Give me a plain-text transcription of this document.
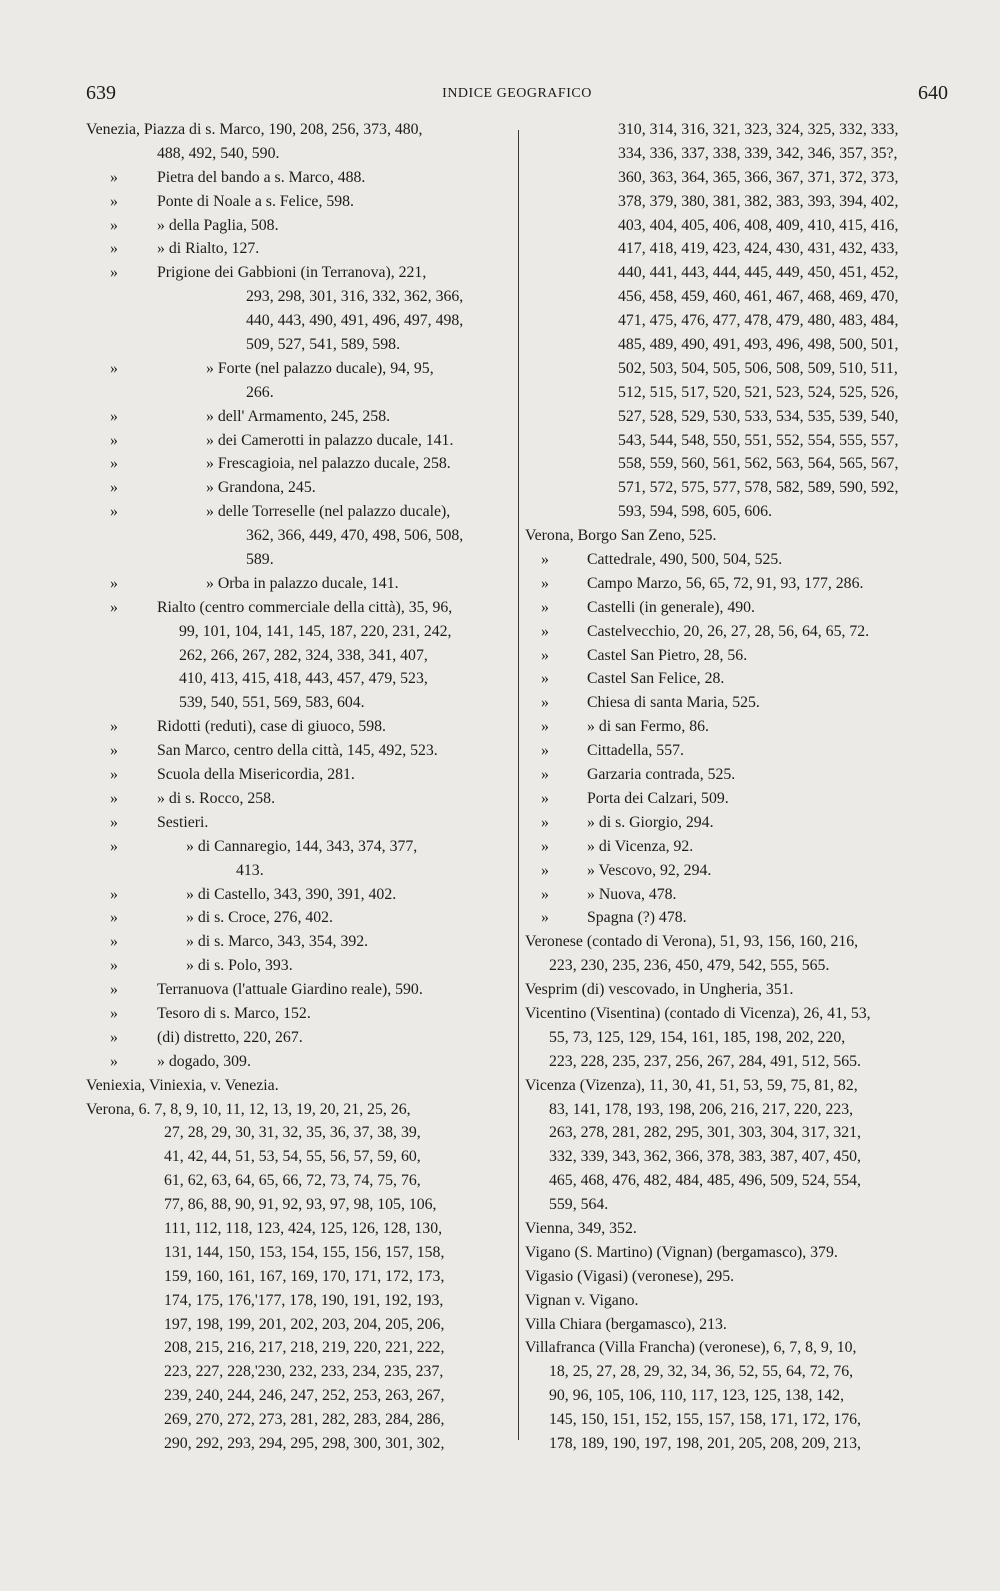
639	INDICE GEOGRAFICO	640
Venezia, Piazza di s. Marco, 190, 208, 256, 373, 480,
488, 492, 540, 590.
» Pietra del bando a s. Marco, 488.
» Ponte di Noale a s. Felice, 598.
» » della Paglia, 508.
» » di Rialto, 127.
» Prigione dei Gabbioni (in Terranova), 221,
293, 298, 301, 316, 332, 362, 366,
440, 443, 490, 491, 496, 497, 498,
509, 527, 541, 589, 598.
»	» Forte (nel palazzo ducale), 94, 95,
266.
»	» dell' Armamento, 245, 258.
»	» dei Camerotti in palazzo ducale, 141.
»	» Frescagioia, nel palazzo ducale, 258.
»	» Grandona, 245.
»	» delle Torreselle (nel palazzo ducale),
362, 366, 449, 470, 498, 506, 508,
589.
»	» Orba in palazzo ducale, 141.
» Rialto (centro commerciale della città), 35, 96,
99, 101, 104, 141, 145, 187, 220, 231, 242,
262, 266, 267, 282, 324, 338, 341, 407,
410, 413, 415, 418, 443, 457, 479, 523,
539, 540, 551, 569, 583, 604.
» Ridotti (reduti), case di giuoco, 598.
» San Marco, centro della città, 145, 492, 523.
» Scuola della Misericordia, 281.
» » di s. Rocco, 258.
» Sestieri.
»	» di Cannaregio, 144, 343, 374, 377,
413.
»	» di Castello, 343, 390, 391, 402.
»	» di s. Croce, 276, 402.
»	» di s. Marco, 343, 354, 392.
»	» di s. Polo, 393.
» Terranuova (l'attuale Giardino reale), 590.
» Tesoro di s. Marco, 152.
» (di) distretto, 220, 267.
» » dogado, 309.
Veniexia, Viniexia, v. Venezia.
Verona, 6. 7, 8, 9, 10, 11, 12, 13, 19, 20, 21, 25, 26,
27, 28, 29, 30, 31, 32, 35, 36, 37, 38, 39,
41, 42, 44, 51, 53, 54, 55, 56, 57, 59, 60,
61, 62, 63, 64, 65, 66, 72, 73, 74, 75, 76,
77, 86, 88, 90, 91, 92, 93, 97, 98, 105, 106,
111, 112, 118, 123, 424, 125, 126, 128, 130,
131, 144, 150, 153, 154, 155, 156, 157, 158,
159, 160, 161, 167, 169, 170, 171, 172, 173,
174, 175, 176,'177, 178, 190, 191, 192, 193,
197, 198, 199, 201, 202, 203, 204, 205, 206,
208, 215, 216, 217, 218, 219, 220, 221, 222,
223, 227, 228,'230, 232, 233, 234, 235, 237,
239, 240, 244, 246, 247, 252, 253, 263, 267,
269, 270, 272, 273, 281, 282, 283, 284, 286,
290, 292, 293, 294, 295, 298, 300, 301, 302,
310, 314, 316, 321, 323, 324, 325, 332, 333,
334, 336, 337, 338, 339, 342, 346, 357, 35?,
360, 363, 364, 365, 366, 367, 371, 372, 373,
378, 379, 380, 381, 382, 383, 393, 394, 402,
403, 404, 405, 406, 408, 409, 410, 415, 416,
417, 418, 419, 423, 424, 430, 431, 432, 433,
440, 441, 443, 444, 445, 449, 450, 451, 452,
456, 458, 459, 460, 461, 467, 468, 469, 470,
471, 475, 476, 477, 478, 479, 480, 483, 484,
485, 489, 490, 491, 493, 496, 498, 500, 501,
502, 503, 504, 505, 506, 508, 509, 510, 511,
512, 515, 517, 520, 521, 523, 524, 525, 526,
527, 528, 529, 530, 533, 534, 535, 539, 540,
543, 544, 548, 550, 551, 552, 554, 555, 557,
558, 559, 560, 561, 562, 563, 564, 565, 567,
571, 572, 575, 577, 578, 582, 589, 590, 592,
593, 594, 598, 605, 606.
Verona, Borgo San Zeno, 525.
» Cattedrale, 490, 500, 504, 525.
» Campo Marzo, 56, 65, 72, 91, 93, 177, 286.
» Castelli (in generale), 490.
» Castelvecchio, 20, 26, 27, 28, 56, 64, 65, 72.
» Castel San Pietro, 28, 56.
» Castel San Felice, 28.
» Chiesa di santa Maria, 525.
» » di san Fermo, 86.
» Cittadella, 557.
» Garzaria contrada, 525.
» Porta dei Calzari, 509.
» » di s. Giorgio, 294.
» » di Vicenza, 92.
» » Vescovo, 92, 294.
» » Nuova, 478.
» Spagna (?) 478.
Veronese (contado di Verona), 51, 93, 156, 160, 216,
223, 230, 235, 236, 450, 479, 542, 555, 565.
Vesprim (di) vescovado, in Ungheria, 351.
Vicentino (Visentina) (contado di Vicenza), 26, 41, 53,
55, 73, 125, 129, 154, 161, 185, 198, 202, 220,
223, 228, 235, 237, 256, 267, 284, 491, 512, 565.
Vicenza (Vizenza), 11, 30, 41, 51, 53, 59, 75, 81, 82,
83, 141, 178, 193, 198, 206, 216, 217, 220, 223,
263, 278, 281, 282, 295, 301, 303, 304, 317, 321,
332, 339, 343, 362, 366, 378, 383, 387, 407, 450,
465, 468, 476, 482, 484, 485, 496, 509, 524, 554,
559, 564.
Vienna, 349, 352.
Vigano (S. Martino) (Vignan) (bergamasco), 379.
Vigasio (Vigasi) (veronese), 295.
Vignan v. Vigano.
Villa Chiara (bergamasco), 213.
Villafranca (Villa Francha) (veronese), 6, 7, 8, 9, 10,
18, 25, 27, 28, 29, 32, 34, 36, 52, 55, 64, 72, 76,
90, 96, 105, 106, 110, 117, 123, 125, 138, 142,
145, 150, 151, 152, 155, 157, 158, 171, 172, 176,
178, 189, 190, 197, 198, 201, 205, 208, 209, 213,
